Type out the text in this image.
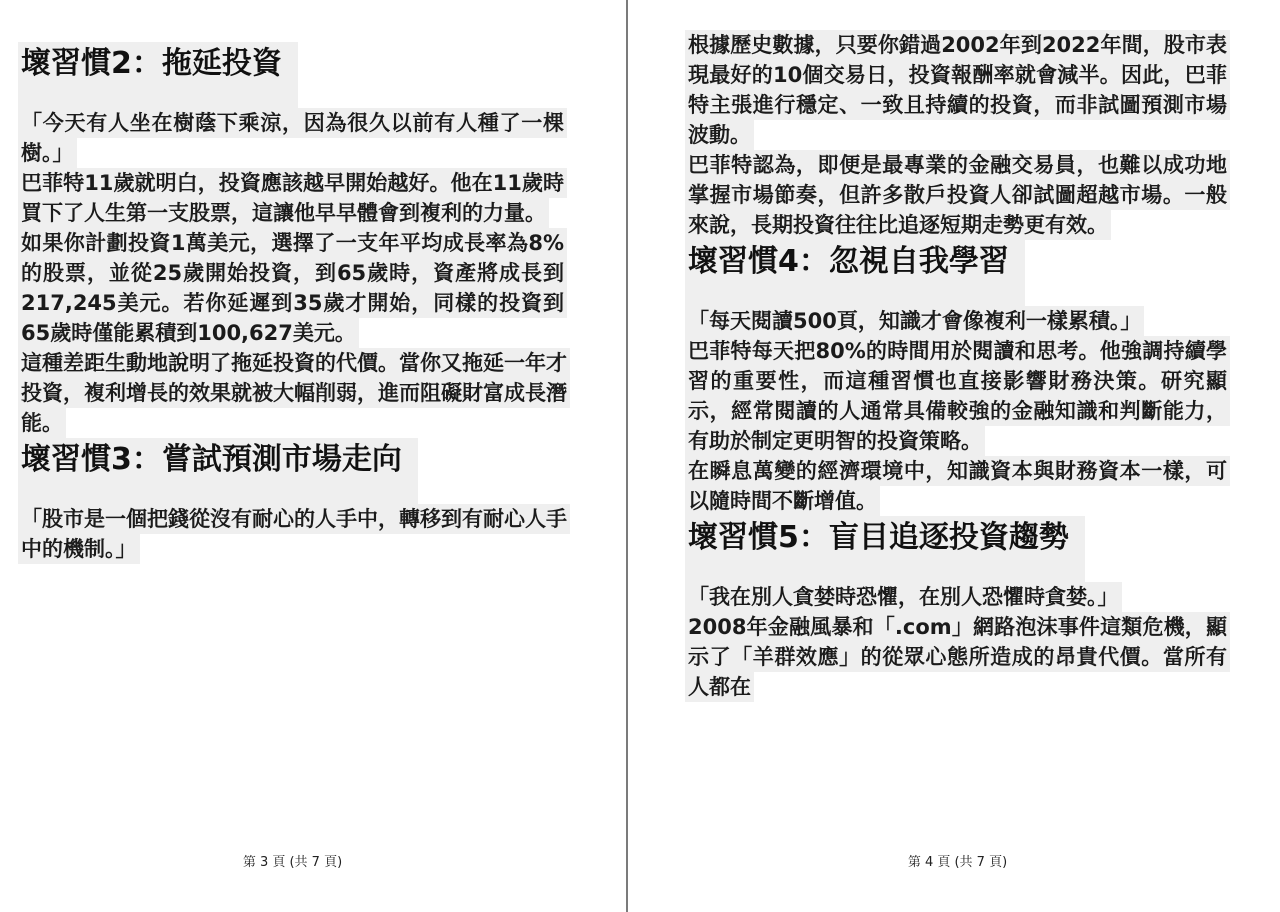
壞習慣2：拖延投資

「今天有人坐在樹蔭下乘涼，因為很久以前有人種了一棵樹。」

巴菲特11歲就明白，投資應該越早開始越好。他在11歲時買下了人生第一支股票，這讓他早早體會到複利的力量。

如果你計劃投資1萬美元，選擇了一支年平均成長率為8%的股票，並從25歲開始投資，到65歲時，資產將成長到217,245美元。若你延遲到35歲才開始，同樣的投資到65歲時僅能累積到100,627美元。

這種差距生動地說明了拖延投資的代價。當你又拖延一年才投資，複利增長的效果就被大幅削弱，進而阻礙財富成長潛能。

壞習慣3：嘗試預測市場走向

「股市是一個把錢從沒有耐心的人手中，轉移到有耐心人手中的機制。」

第 3 頁 (共 7 頁)

根據歷史數據，只要你錯過2002年到2022年間，股市表現最好的10個交易日，投資報酬率就會減半。因此，巴菲特主張進行穩定、一致且持續的投資，而非試圖預測市場波動。

巴菲特認為，即便是最專業的金融交易員，也難以成功地掌握市場節奏，但許多散戶投資人卻試圖超越市場。一般來說，長期投資往往比追逐短期走勢更有效。

壞習慣4：忽視自我學習

「每天閱讀500頁，知識才會像複利一樣累積。」

巴菲特每天把80%的時間用於閱讀和思考。他強調持續學習的重要性，而這種習慣也直接影響財務決策。研究顯示，經常閱讀的人通常具備較強的金融知識和判斷能力，有助於制定更明智的投資策略。

在瞬息萬變的經濟環境中，知識資本與財務資本一樣，可以隨時間不斷增值。

壞習慣5：盲目追逐投資趨勢

「我在別人貪婪時恐懼，在別人恐懼時貪婪。」

2008年金融風暴和「.com」網路泡沫事件這類危機，顯示了「羊群效應」的從眾心態所造成的昂貴代價。當所有人都在

第 4 頁 (共 7 頁)
